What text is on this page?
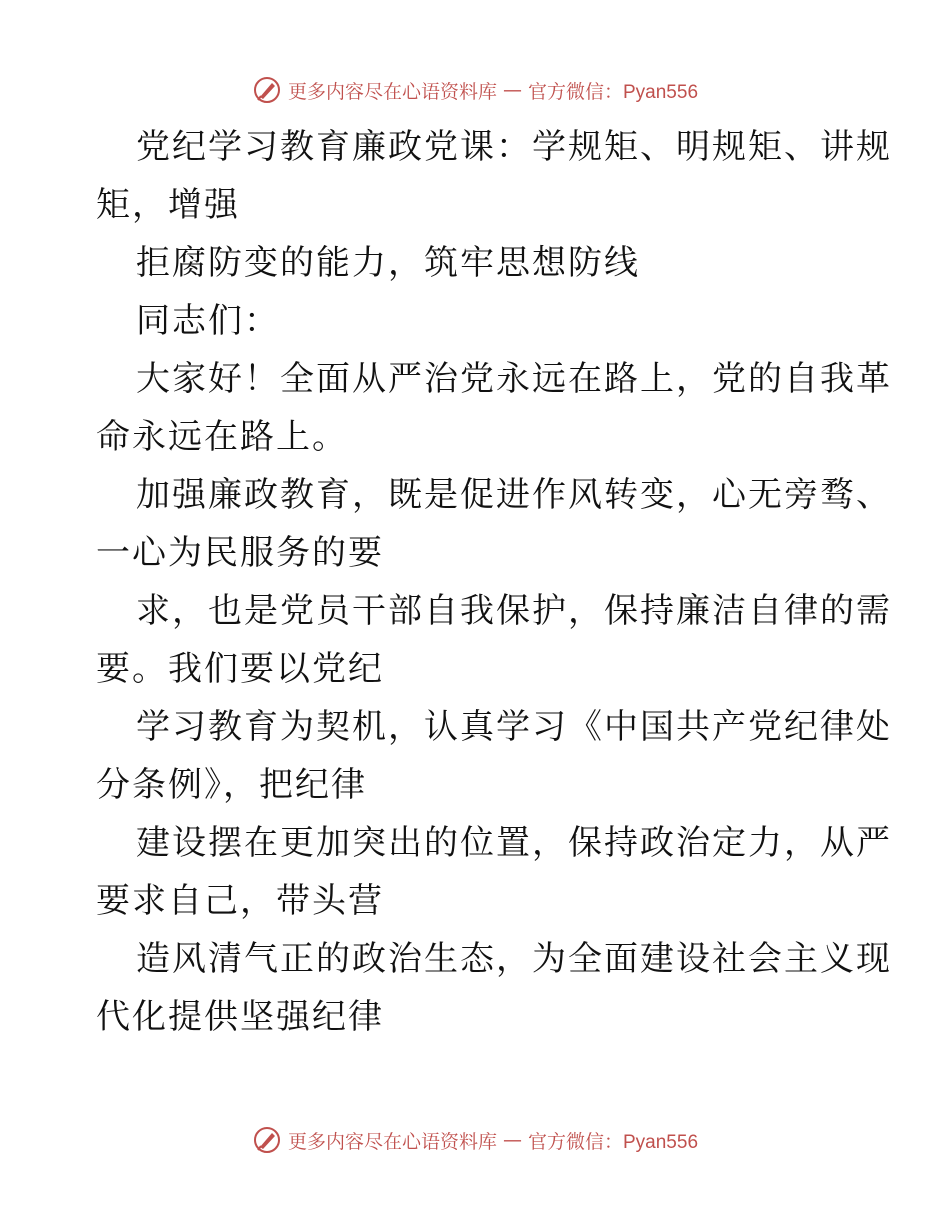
更多内容尽在心语资料库 — 官方微信：Pyan556
党纪学习教育廉政党课：学规矩、明规矩、讲规
矩，增强
拒腐防变的能力，筑牢思想防线
同志们：
大家好！全面从严治党永远在路上，党的自我革
命永远在路上。
加强廉政教育，既是促进作风转变，心无旁骛、
一心为民服务的要
求，也是党员干部自我保护，保持廉洁自律的需
要。我们要以党纪
学习教育为契机，认真学习《中国共产党纪律处
分条例》，把纪律
建设摆在更加突出的位置，保持政治定力，从严
要求自己，带头营
造风清气正的政治生态，为全面建设社会主义现
代化提供坚强纪律
更多内容尽在心语资料库 — 官方微信：Pyan556
